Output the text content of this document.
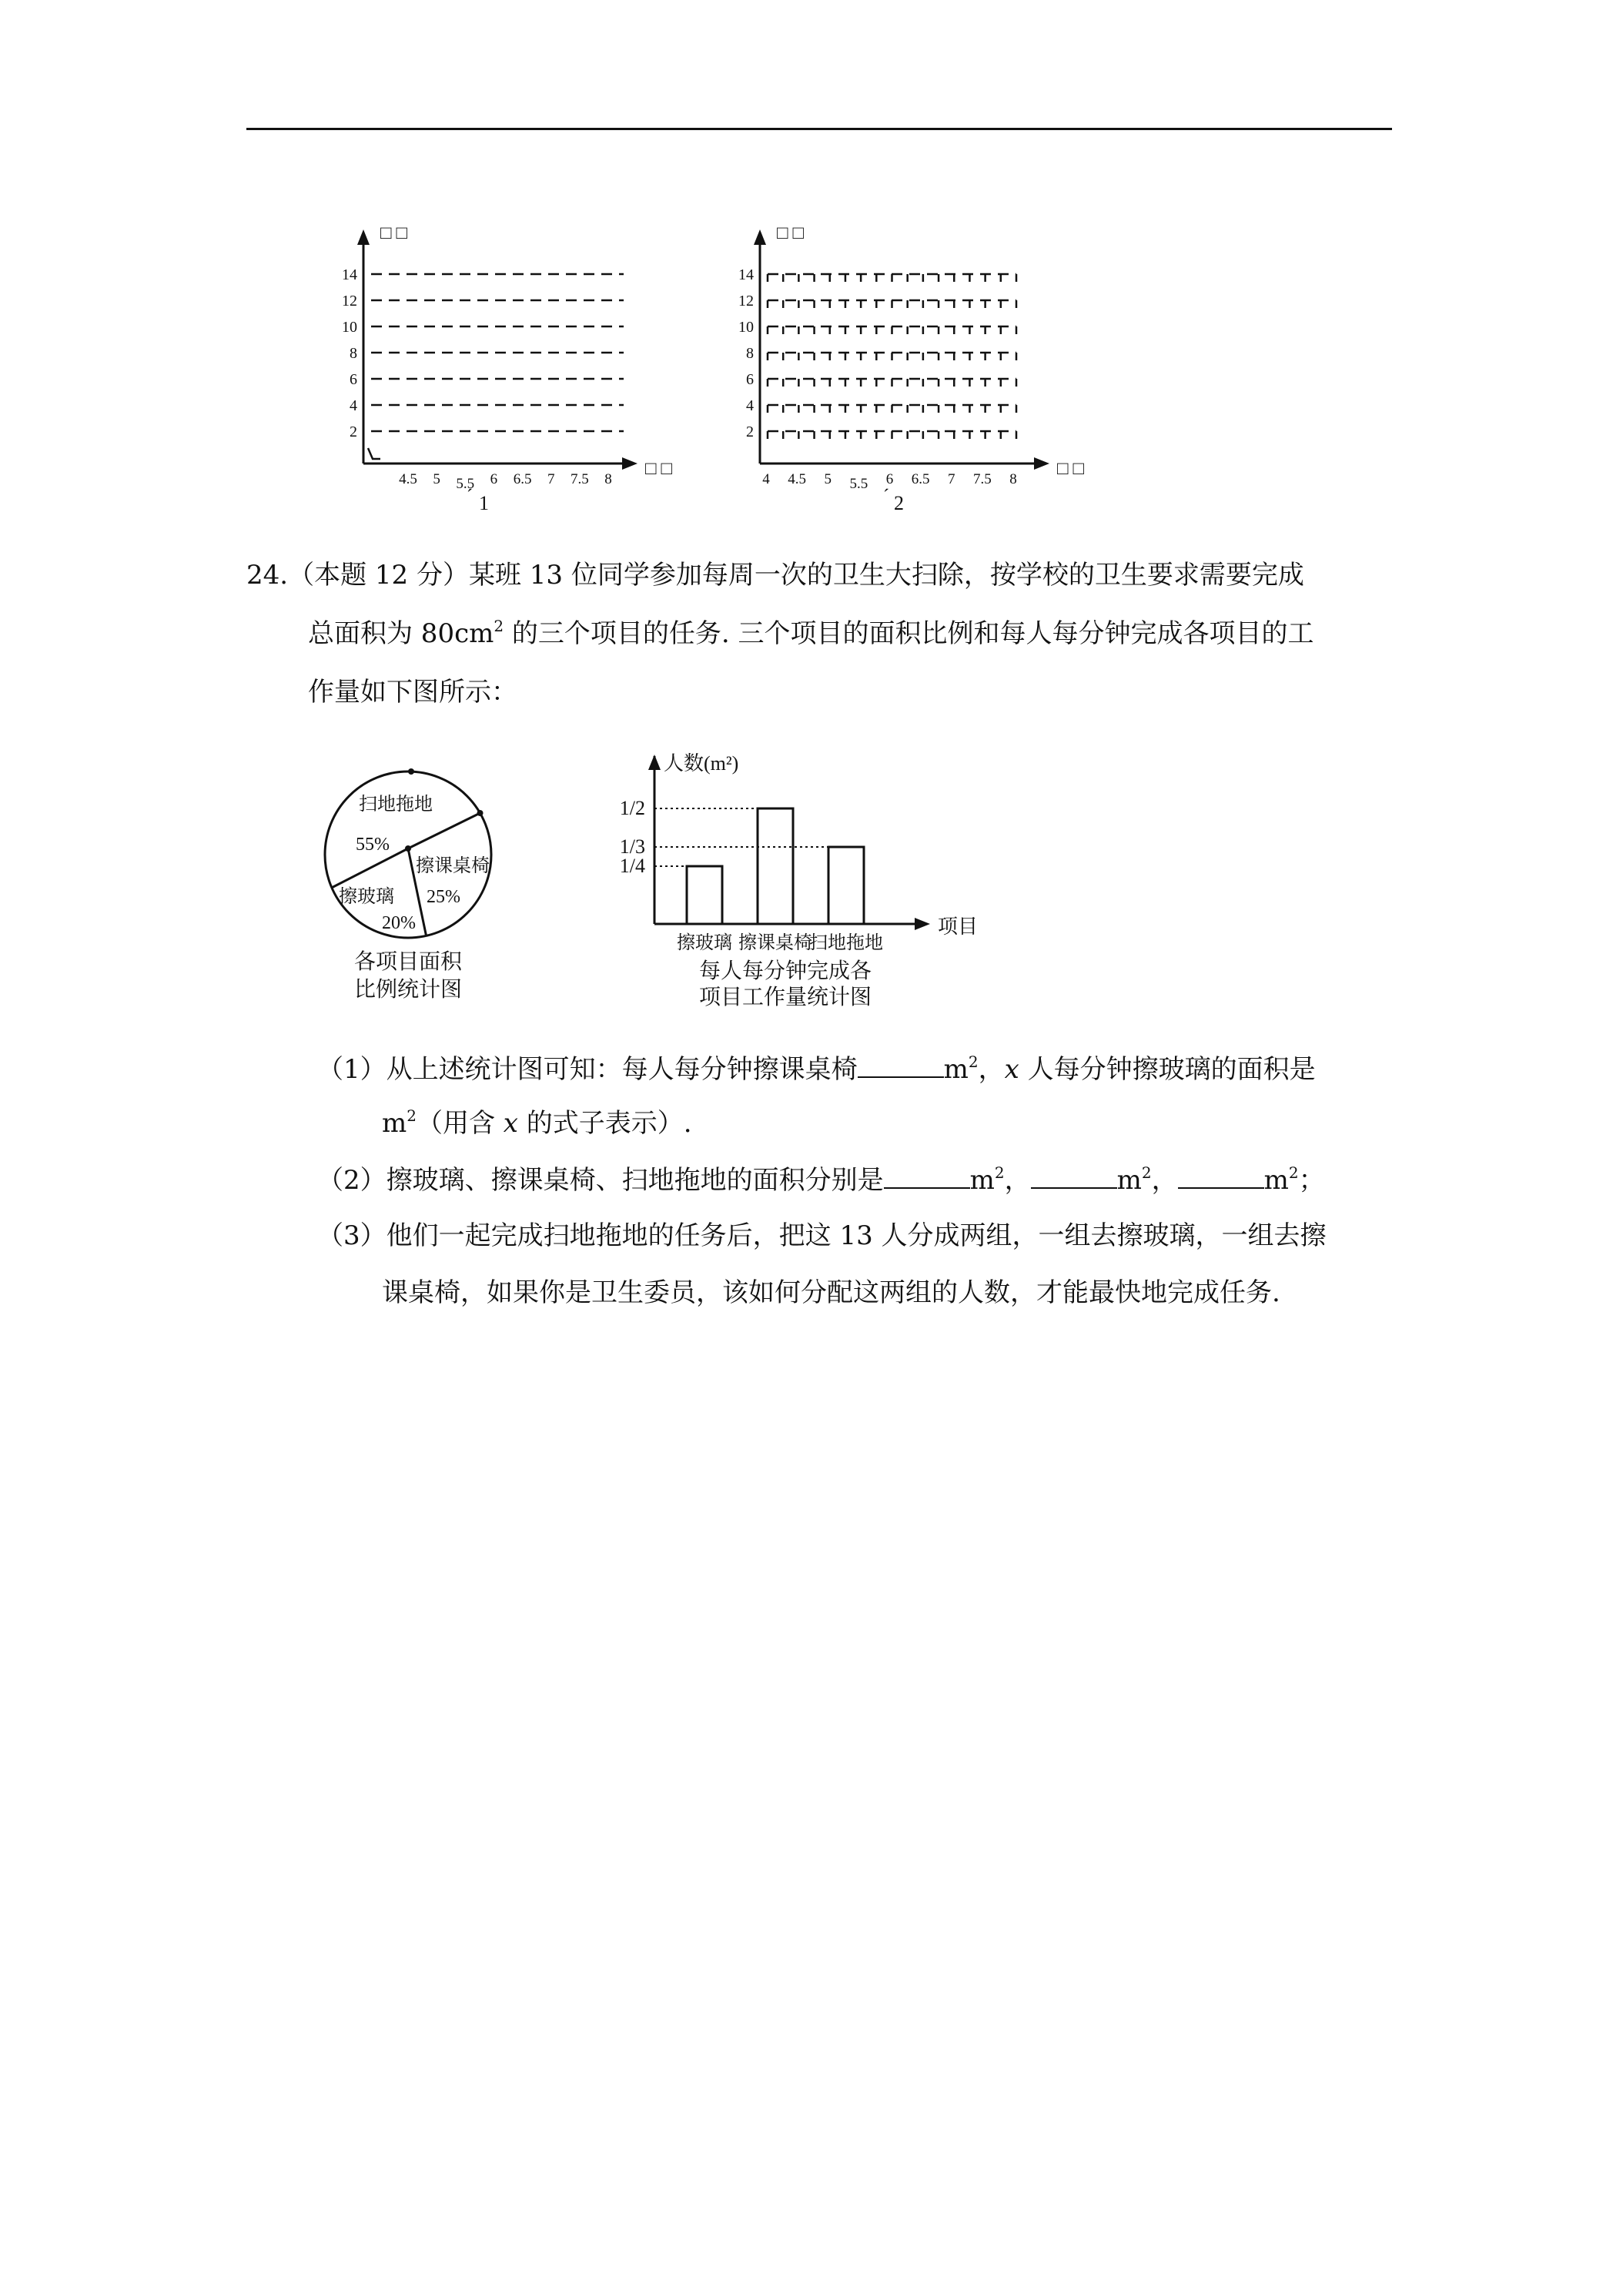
□ □
□ □
14
12
10
8
6
4
2
4.5 5 5.5 6 6.5 7 7.5 8
´ 1
□ □
□ □
14
12
10
8
6
4
2
4 4.5 5 5.5 6 6.5 7 7.5 8
´ 2
24.（本题 12 分）某班 13 位同学参加每周一次的卫生大扫除，按学校的卫生要求需要完成
总面积为 $80cm^2$ 的三个项目的任务. 三个项目的面积比例和每人每分钟完成各项目的工
作量如下图所示：
扫地拖地
55%
擦课桌椅
25%
擦玻璃
20%
各项目面积
比例统计图
人数(m²)
项目
擦玻璃 擦课桌椅
扫地拖地
1/2
1/3
1/4
每人每分钟完成各
项目工作量统计图
（1）从上述统计图可知：每人每分钟擦课桌椅	$m^2$，x 人每分钟擦玻璃的面积是
$m^2$（用含 x 的式子表示）.
（2）擦玻璃、擦课桌椅、扫地拖地的面积分别是	$m^2$，	$m^2$，	$m^2$；
（3）他们一起完成扫地拖地的任务后，把这 13 人分成两组，一组去擦玻璃，一组去擦
课桌椅，如果你是卫生委员，该如何分配这两组的人数，才能最快地完成任务.
